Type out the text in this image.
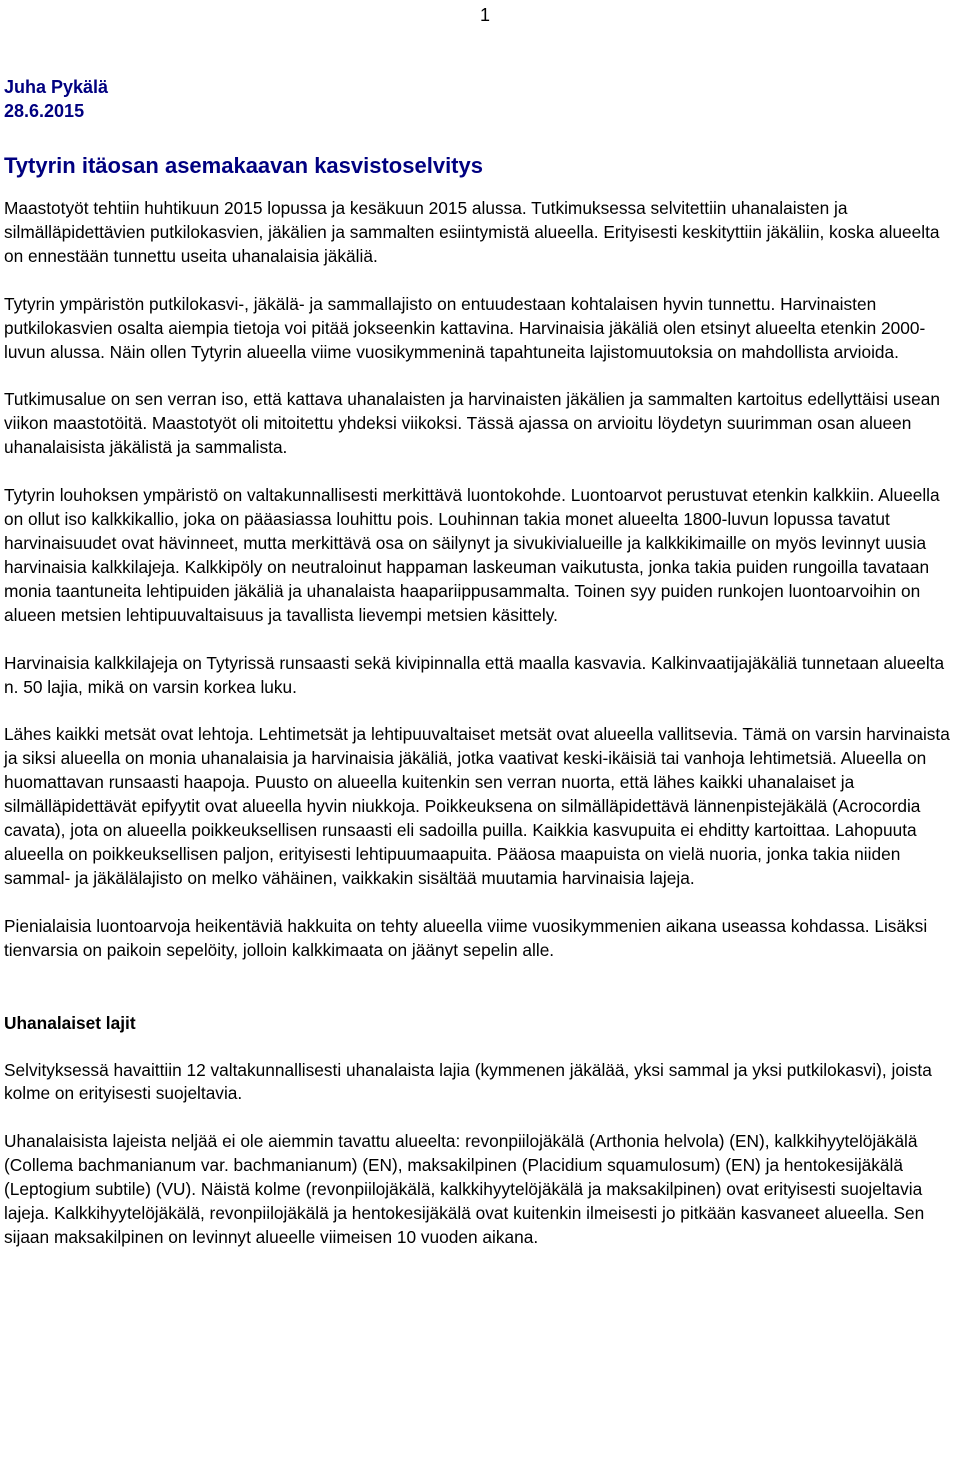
1
Juha Pykälä
28.6.2015
Tytyrin itäosan asemakaavan kasvistoselvitys

Maastotyöt tehtiin huhtikuun 2015 lopussa ja kesäkuun 2015 alussa. Tutkimuksessa selvitettiin uhanalaisten ja silmälläpidettävien putkilokasvien, jäkälien ja sammalten esiintymistä alueella. Erityisesti keskityttiin jäkäliin, koska alueelta on ennestään tunnettu useita uhanalaisia jäkäliä.

Tytyrin ympäristön putkilokasvi-, jäkälä- ja sammallajisto on entuudestaan kohtalaisen hyvin tunnettu. Harvinaisten putkilokasvien osalta aiempia tietoja voi pitää jokseenkin kattavina. Harvinaisia jäkäliä olen etsinyt alueelta etenkin 2000-luvun alussa. Näin ollen Tytyrin alueella viime vuosikymmeninä tapahtuneita lajistomuutoksia on mahdollista arvioida.

Tutkimusalue on sen verran iso, että kattava uhanalaisten ja harvinaisten jäkälien ja sammalten kartoitus edellyttäisi usean viikon maastotöitä. Maastotyöt oli mitoitettu yhdeksi viikoksi. Tässä ajassa on arvioitu löydetyn suurimman osan alueen uhanalaisista jäkälistä ja sammalista.

Tytyrin louhoksen ympäristö on valtakunnallisesti merkittävä luontokohde. Luontoarvot perustuvat etenkin kalkkiin. Alueella on ollut iso kalkkikallio, joka on pääasiassa louhittu pois. Louhinnan takia monet alueelta 1800-luvun lopussa tavatut harvinaisuudet ovat hävinneet, mutta merkittävä osa on säilynyt ja sivukivialueille ja kalkkikimaille on myös levinnyt uusia harvinaisia kalkkilajeja. Kalkkipöly on neutraloinut happaman laskeuman vaikutusta, jonka takia puiden rungoilla tavataan monia taantuneita lehtipuiden jäkäliä ja uhanalaista haapariippusammalta. Toinen syy puiden runkojen luontoarvoihin on alueen metsien lehtipuuvaltaisuus ja tavallista lievempi metsien käsittely.

Harvinaisia kalkkilajeja on Tytyrissä runsaasti sekä kivipinnalla että maalla kasvavia. Kalkinvaatijajäkäliä tunnetaan alueelta n. 50 lajia, mikä on varsin korkea luku.

Lähes kaikki metsät ovat lehtoja. Lehtimetsät ja lehtipuuvaltaiset metsät ovat alueella vallitsevia. Tämä on varsin harvinaista ja siksi alueella on monia uhanalaisia ja harvinaisia jäkäliä, jotka vaativat keski-ikäisiä tai vanhoja lehtimetsiä. Alueella on huomattavan runsaasti haapoja. Puusto on alueella kuitenkin sen verran nuorta, että lähes kaikki uhanalaiset ja silmälläpidettävät epifyytit ovat alueella hyvin niukkoja. Poikkeuksena on silmälläpidettävä lännenpistejäkälä (Acrocordia cavata), jota on alueella poikkeuksellisen runsaasti eli sadoilla puilla. Kaikkia kasvupuita ei ehditty kartoittaa. Lahopuuta alueella on poikkeuksellisen paljon, erityisesti lehtipuumaapuita. Pääosa maapuista on vielä nuoria, jonka takia niiden sammal- ja jäkälälajisto on melko vähäinen, vaikkakin sisältää muutamia harvinaisia lajeja.

Pienialaisia luontoarvoja heikentäviä hakkuita on tehty alueella viime vuosikymmenien aikana useassa kohdassa. Lisäksi tienvarsia on paikoin sepelöity, jolloin kalkkimaata on jäänyt sepelin alle.

Uhanalaiset lajit

Selvityksessä havaittiin 12 valtakunnallisesti uhanalaista lajia (kymmenen jäkälää, yksi sammal ja yksi putkilokasvi), joista kolme on erityisesti suojeltavia.

Uhanalaisista lajeista neljää ei ole aiemmin tavattu alueelta: revonpiilojäkälä (Arthonia helvola) (EN), kalkkihyytelöjäkälä (Collema bachmanianum var. bachmanianum) (EN), maksakilpinen (Placidium squamulosum) (EN) ja hentokesijäkälä (Leptogium subtile) (VU). Näistä kolme (revonpiilojäkälä, kalkkihyytelöjäkälä ja maksakilpinen) ovat erityisesti suojeltavia lajeja. Kalkkihyytelöjäkälä, revonpiilojäkälä ja hentokesijäkälä ovat kuitenkin ilmeisesti jo pitkään kasvaneet alueella. Sen sijaan maksakilpinen on levinnyt alueelle viimeisen 10 vuoden aikana.
